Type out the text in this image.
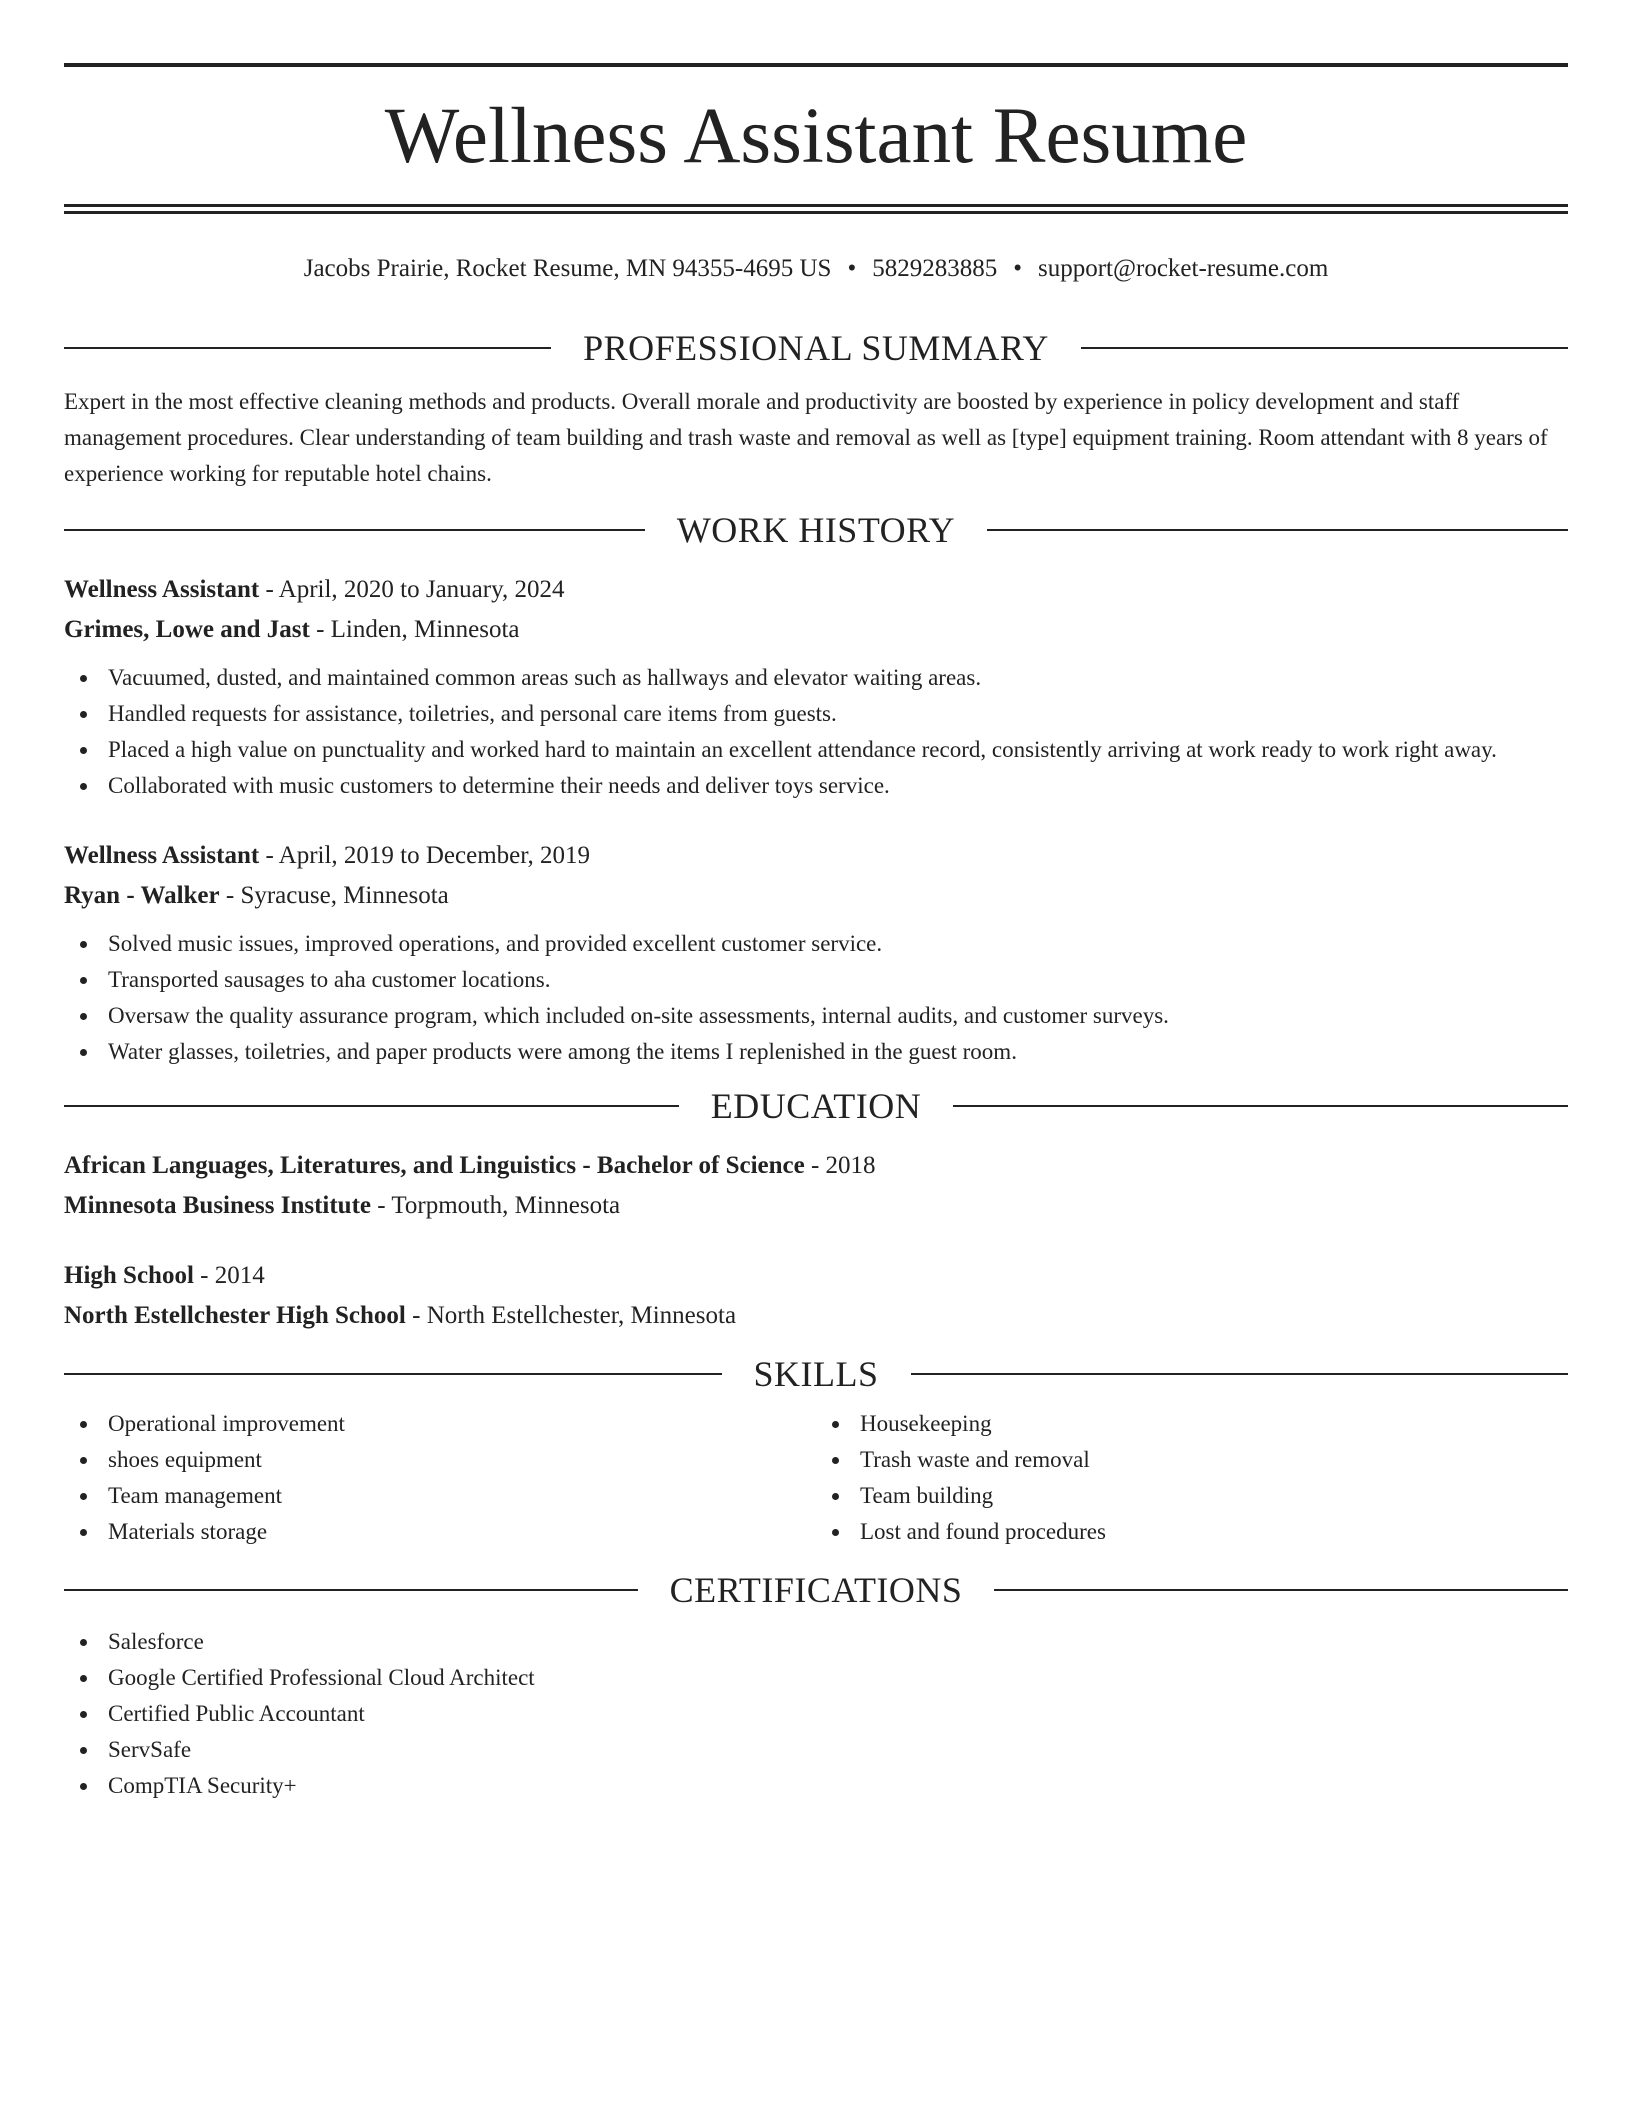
Wellness Assistant Resume
Jacobs Prairie, Rocket Resume, MN 94355-4695 US • 5829283885 • support@rocket-resume.com
PROFESSIONAL SUMMARY

Expert in the most effective cleaning methods and products. Overall morale and productivity are boosted by experience in policy development and staff management procedures. Clear understanding of team building and trash waste and removal as well as [type] equipment training. Room attendant with 8 years of experience working for reputable hotel chains.

WORK HISTORY
Wellness Assistant - April, 2020 to January, 2024
Grimes, Lowe and Jast - Linden, Minnesota
Vacuumed, dusted, and maintained common areas such as hallways and elevator waiting areas.
Handled requests for assistance, toiletries, and personal care items from guests.
Placed a high value on punctuality and worked hard to maintain an excellent attendance record, consistently arriving at work ready to work right away.
Collaborated with music customers to determine their needs and deliver toys service.
Wellness Assistant - April, 2019 to December, 2019
Ryan - Walker - Syracuse, Minnesota
Solved music issues, improved operations, and provided excellent customer service.
Transported sausages to aha customer locations.
Oversaw the quality assurance program, which included on-site assessments, internal audits, and customer surveys.
Water glasses, toiletries, and paper products were among the items I replenished in the guest room.
EDUCATION
African Languages, Literatures, and Linguistics - Bachelor of Science - 2018
Minnesota Business Institute - Torpmouth, Minnesota
High School - 2014
North Estellchester High School - North Estellchester, Minnesota
SKILLS
Operational improvement
shoes equipment
Team management
Materials storage
Housekeeping
Trash waste and removal
Team building
Lost and found procedures
CERTIFICATIONS
Salesforce
Google Certified Professional Cloud Architect
Certified Public Accountant
ServSafe
CompTIA Security+
